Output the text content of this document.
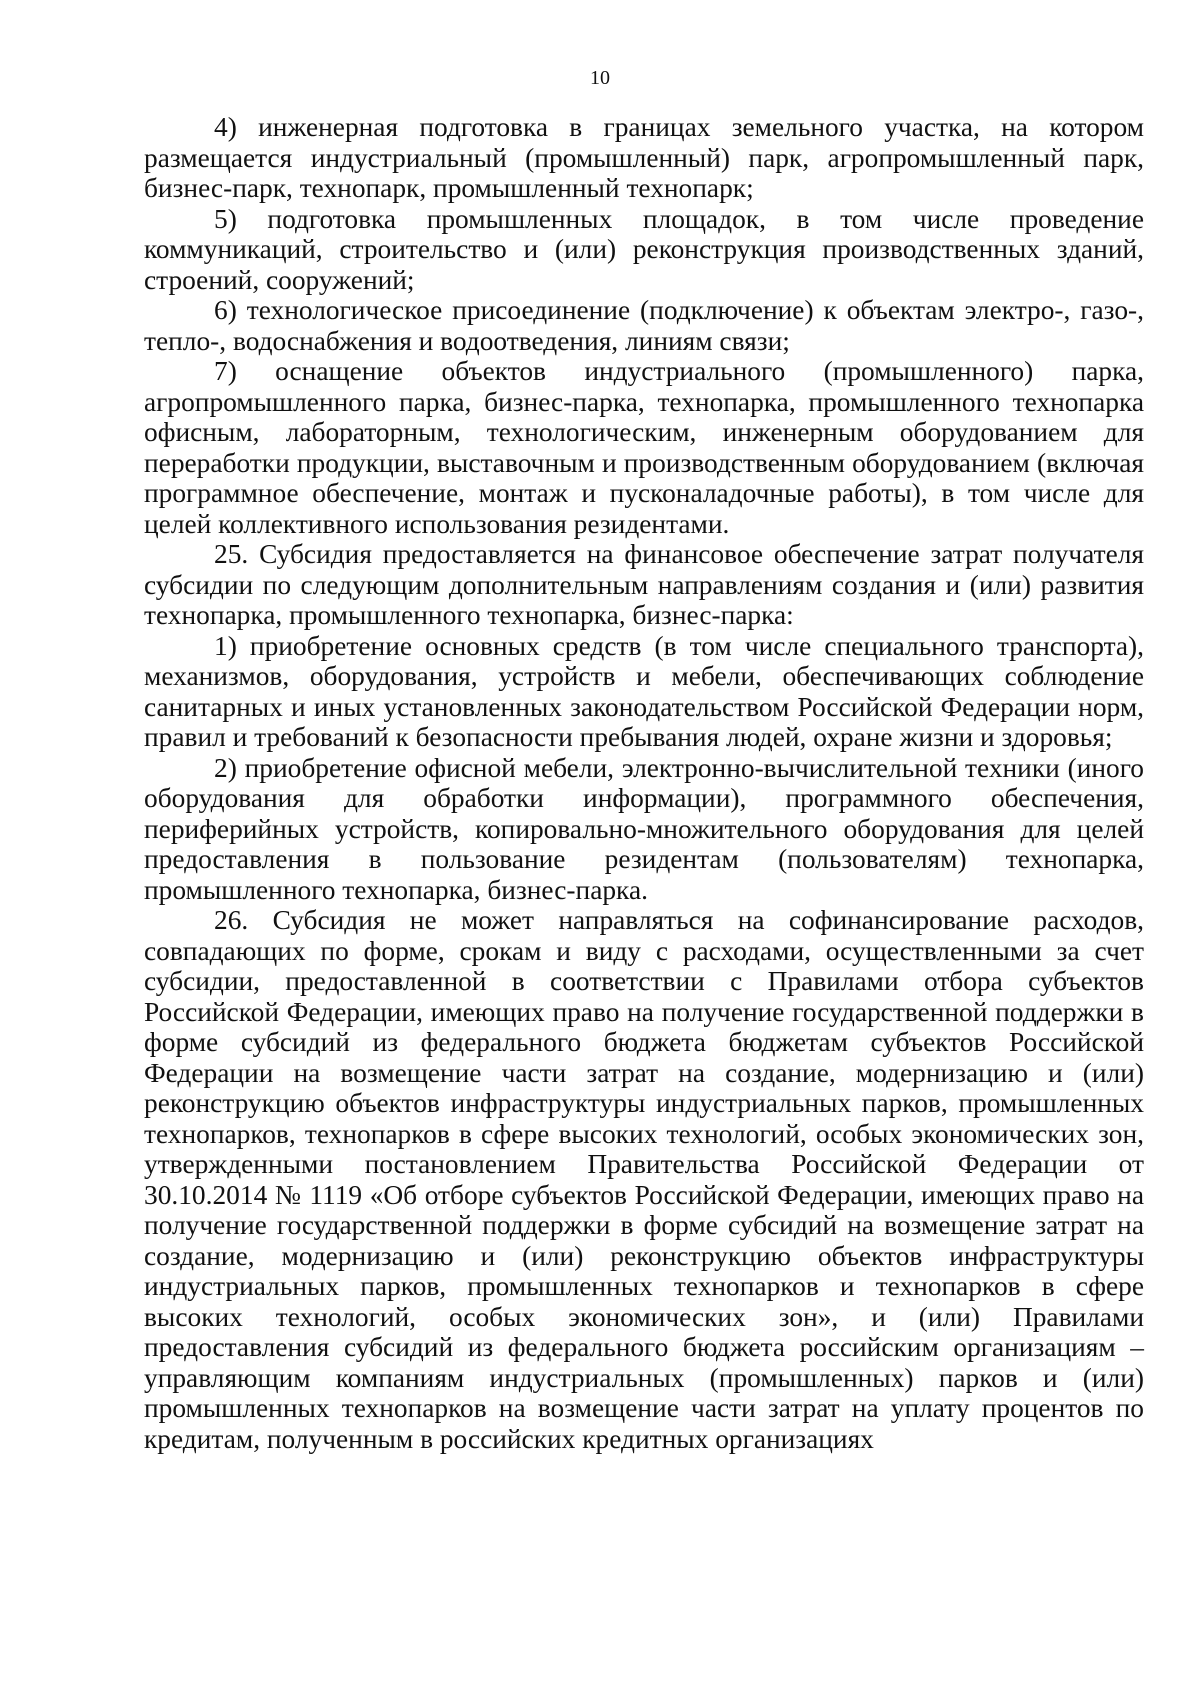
10

4) инженерная подготовка в границах земельного участка, на котором размещается индустриальный (промышленный) парк, агропромышленный парк, бизнес-парк, технопарк, промышленный технопарк;

5) подготовка промышленных площадок, в том числе проведение коммуникаций, строительство и (или) реконструкция производственных зданий, строений, сооружений;

6) технологическое присоединение (подключение) к объектам электро-, газо-, тепло-, водоснабжения и водоотведения, линиям связи;

7) оснащение объектов индустриального (промышленного) парка, агропромышленного парка, бизнес-парка, технопарка, промышленного технопарка офисным, лабораторным, технологическим, инженерным оборудованием для переработки продукции, выставочным и производственным оборудованием (включая программное обеспечение, монтаж и пусконаладочные работы), в том числе для целей коллективного использования резидентами.

25. Субсидия предоставляется на финансовое обеспечение затрат получателя субсидии по следующим дополнительным направлениям создания и (или) развития технопарка, промышленного технопарка, бизнес-парка:

1) приобретение основных средств (в том числе специального транспорта), механизмов, оборудования, устройств и мебели, обеспечивающих соблюдение санитарных и иных установленных законодательством Российской Федерации норм, правил и требований к безопасности пребывания людей, охране жизни и здоровья;

2) приобретение офисной мебели, электронно-вычислительной техники (иного оборудования для обработки информации), программного обеспечения, периферийных устройств, копировально-множительного оборудования для целей предоставления в пользование резидентам (пользователям) технопарка, промышленного технопарка, бизнес-парка.

26. Субсидия не может направляться на софинансирование расходов, совпадающих по форме, срокам и виду с расходами, осуществленными за счет субсидии, предоставленной в соответствии с Правилами отбора субъектов Российской Федерации, имеющих право на получение государственной поддержки в форме субсидий из федерального бюджета бюджетам субъектов Российской Федерации на возмещение части затрат на создание, модернизацию и (или) реконструкцию объектов инфраструктуры индустриальных парков, промышленных технопарков, технопарков в сфере высоких технологий, особых экономических зон, утвержденными постановлением Правительства Российской Федерации от 30.10.2014 № 1119 «Об отборе субъектов Российской Федерации, имеющих право на получение государственной поддержки в форме субсидий на возмещение затрат на создание, модернизацию и (или) реконструкцию объектов инфраструктуры индустриальных парков, промышленных технопарков и технопарков в сфере высоких технологий, особых экономических зон», и (или) Правилами предоставления субсидий из федерального бюджета российским организациям – управляющим компаниям индустриальных (промышленных) парков и (или) промышленных технопарков на возмещение части затрат на уплату процентов по кредитам, полученным в российских кредитных организациях
